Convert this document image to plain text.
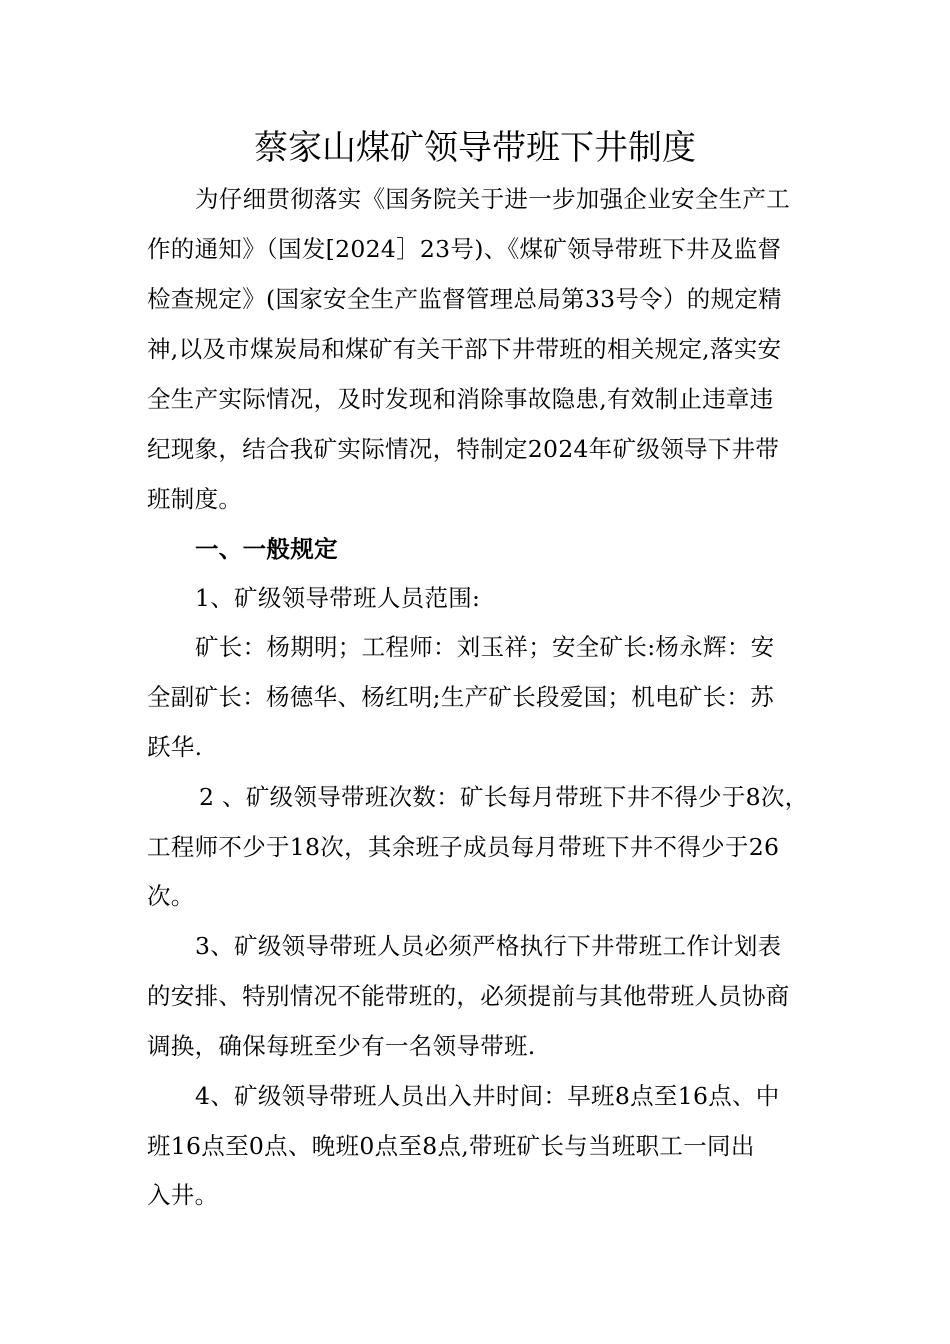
蔡家山煤矿领导带班下井制度
为仔细贯彻落实《国务院关于进一步加强企业安全生产工
作的通知》（国发[2024］23号)、《煤矿领导带班下井及监督
检查规定》(国家安全生产监督管理总局第33号令）的规定精
神,以及市煤炭局和煤矿有关干部下井带班的相关规定,落实安
全生产实际情况，及时发现和消除事故隐患,有效制止违章违
纪现象，结合我矿实际情况，特制定2024年矿级领导下井带
班制度。
一、一般规定
1、矿级领导带班人员范围:
矿长：杨期明；工程师：刘玉祥；安全矿长:杨永辉：安
全副矿长：杨德华、杨红明;生产矿长段爱国；机电矿长：苏
跃华.
2 、矿级领导带班次数：矿长每月带班下井不得少于8次，
工程师不少于18次，其余班子成员每月带班下井不得少于26
次。
3、矿级领导带班人员必须严格执行下井带班工作计划表
的安排、特别情况不能带班的，必须提前与其他带班人员协商
调换，确保每班至少有一名领导带班.
4、矿级领导带班人员出入井时间：早班8点至16点、中
班16点至0点、晚班0点至8点,带班矿长与当班职工一同出
入井。
